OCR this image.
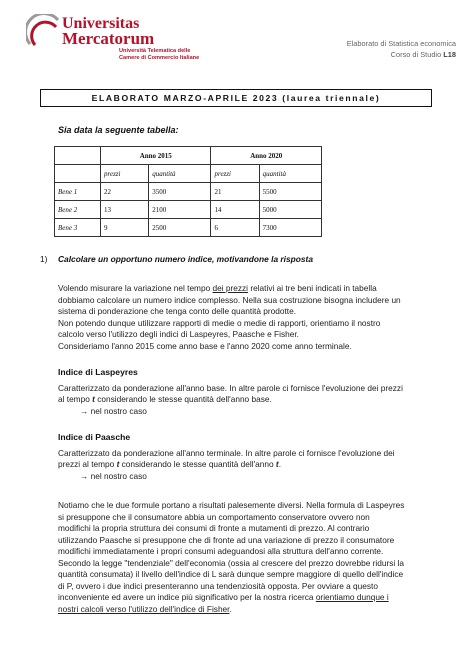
Universitas
Mercatorum
Università Telematica delle
Camere di Commercio Italiane
Elaborato di Statistica economica
Corso di Studio L18
ELABORATO MARZO-APRILE 2023 (laurea triennale)
Sia data la seguente tabella:
	Anno 2015		Anno 2020	
	prezzi	quantità	prezzi	quantità
Bene 1	22	3500	21	5500
Bene 2	13	2100	14	5000
Bene 3	9	2500	6	7300
1) Calcolare un opportuno numero indice, motivandone la risposta

Volendo misurare la variazione nel tempo dei prezzi relativi ai tre beni indicati in tabella

dobbiamo calcolare un numero indice complesso. Nella sua costruzione bisogna includere un

sistema di ponderazione che tenga conto delle quantità prodotte.

Non potendo dunque utilizzare rapporti di medie o medie di rapporti, orientiamo il nostro

calcolo verso l'utilizzo degli indici di Laspeyres, Paasche e Fisher.

Consideriamo l'anno 2015 come anno base e l'anno 2020 come anno terminale.

Indice di Laspeyres

Caratterizzato da ponderazione all'anno base. In altre parole ci fornisce l'evoluzione dei prezzi

al tempo t considerando le stesse quantità dell'anno base.

→ nel nostro caso

Indice di Paasche

Caratterizzato da ponderazione all'anno terminale. In altre parole ci fornisce l'evoluzione dei

prezzi al tempo t considerando le stesse quantità dell'anno t.

→ nel nostro caso

Notiamo che le due formule portano a risultati palesemente diversi. Nella formula di Laspeyres

si presuppone che il consumatore abbia un comportamento conservatore ovvero non

modifichi la propria struttura dei consumi di fronte a mutamenti di prezzo. Al contrario

utilizzando Paasche si presuppone che di fronte ad una variazione di prezzo il consumatore

modifichi immediatamente i propri consumi adeguandosi alla struttura dell'anno corrente.

Secondo la legge "tendenziale" dell'economia (ossia al crescere del prezzo dovrebbe ridursi la

quantità consumata) il livello dell'indice di L sarà dunque sempre maggiore di quello dell'indice

di P, ovvero i due indici presenteranno una tendenziosità opposta. Per ovviare a questo

inconveniente ed avere un indice più significativo per la nostra ricerca orientiamo dunque i

nostri calcoli verso l'utilizzo dell'indice di Fisher.
